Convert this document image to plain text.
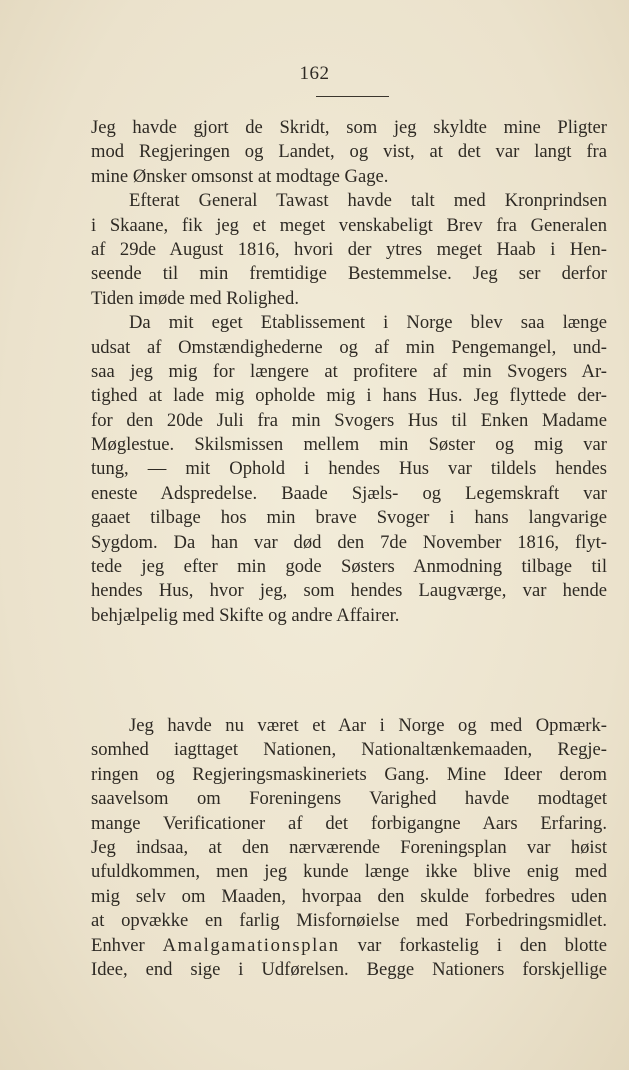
162
Jeg havde gjort de Skridt, som jeg skyldte mine Pligter
mod Regjeringen og Landet, og vist, at det var langt fra
mine Ønsker omsonst at modtage Gage.
Efterat General Tawast havde talt med Kronprindsen
i Skaane, fik jeg et meget venskabeligt Brev fra Generalen
af 29de August 1816, hvori der ytres meget Haab i Hen-
seende til min fremtidige Bestemmelse. Jeg ser derfor
Tiden imøde med Rolighed.
Da mit eget Etablissement i Norge blev saa længe
udsat af Omstændighederne og af min Pengemangel, und-
saa jeg mig for længere at profitere af min Svogers Ar-
tighed at lade mig opholde mig i hans Hus. Jeg flyttede der-
for den 20de Juli fra min Svogers Hus til Enken Madame
Møglestue. Skilsmissen mellem min Søster og mig var
tung, — mit Ophold i hendes Hus var tildels hendes
eneste Adspredelse. Baade Sjæls- og Legemskraft var
gaaet tilbage hos min brave Svoger i hans langvarige
Sygdom. Da han var død den 7de November 1816, flyt-
tede jeg efter min gode Søsters Anmodning tilbage til
hendes Hus, hvor jeg, som hendes Laugværge, var hende
behjælpelig med Skifte og andre Affairer.
Jeg havde nu været et Aar i Norge og med Opmærk-
somhed iagttaget Nationen, Nationaltænkemaaden, Regje-
ringen og Regjeringsmaskineriets Gang. Mine Ideer derom
saavelsom om Foreningens Varighed havde modtaget
mange Verificationer af det forbigangne Aars Erfaring.
Jeg indsaa, at den nærværende Foreningsplan var høist
ufuldkommen, men jeg kunde længe ikke blive enig med
mig selv om Maaden, hvorpaa den skulde forbedres uden
at opvække en farlig Misfornøielse med Forbedringsmidlet.
Enhver Amalgamationsplan var forkastelig i den blotte
Idee, end sige i Udførelsen. Begge Nationers forskjellige
